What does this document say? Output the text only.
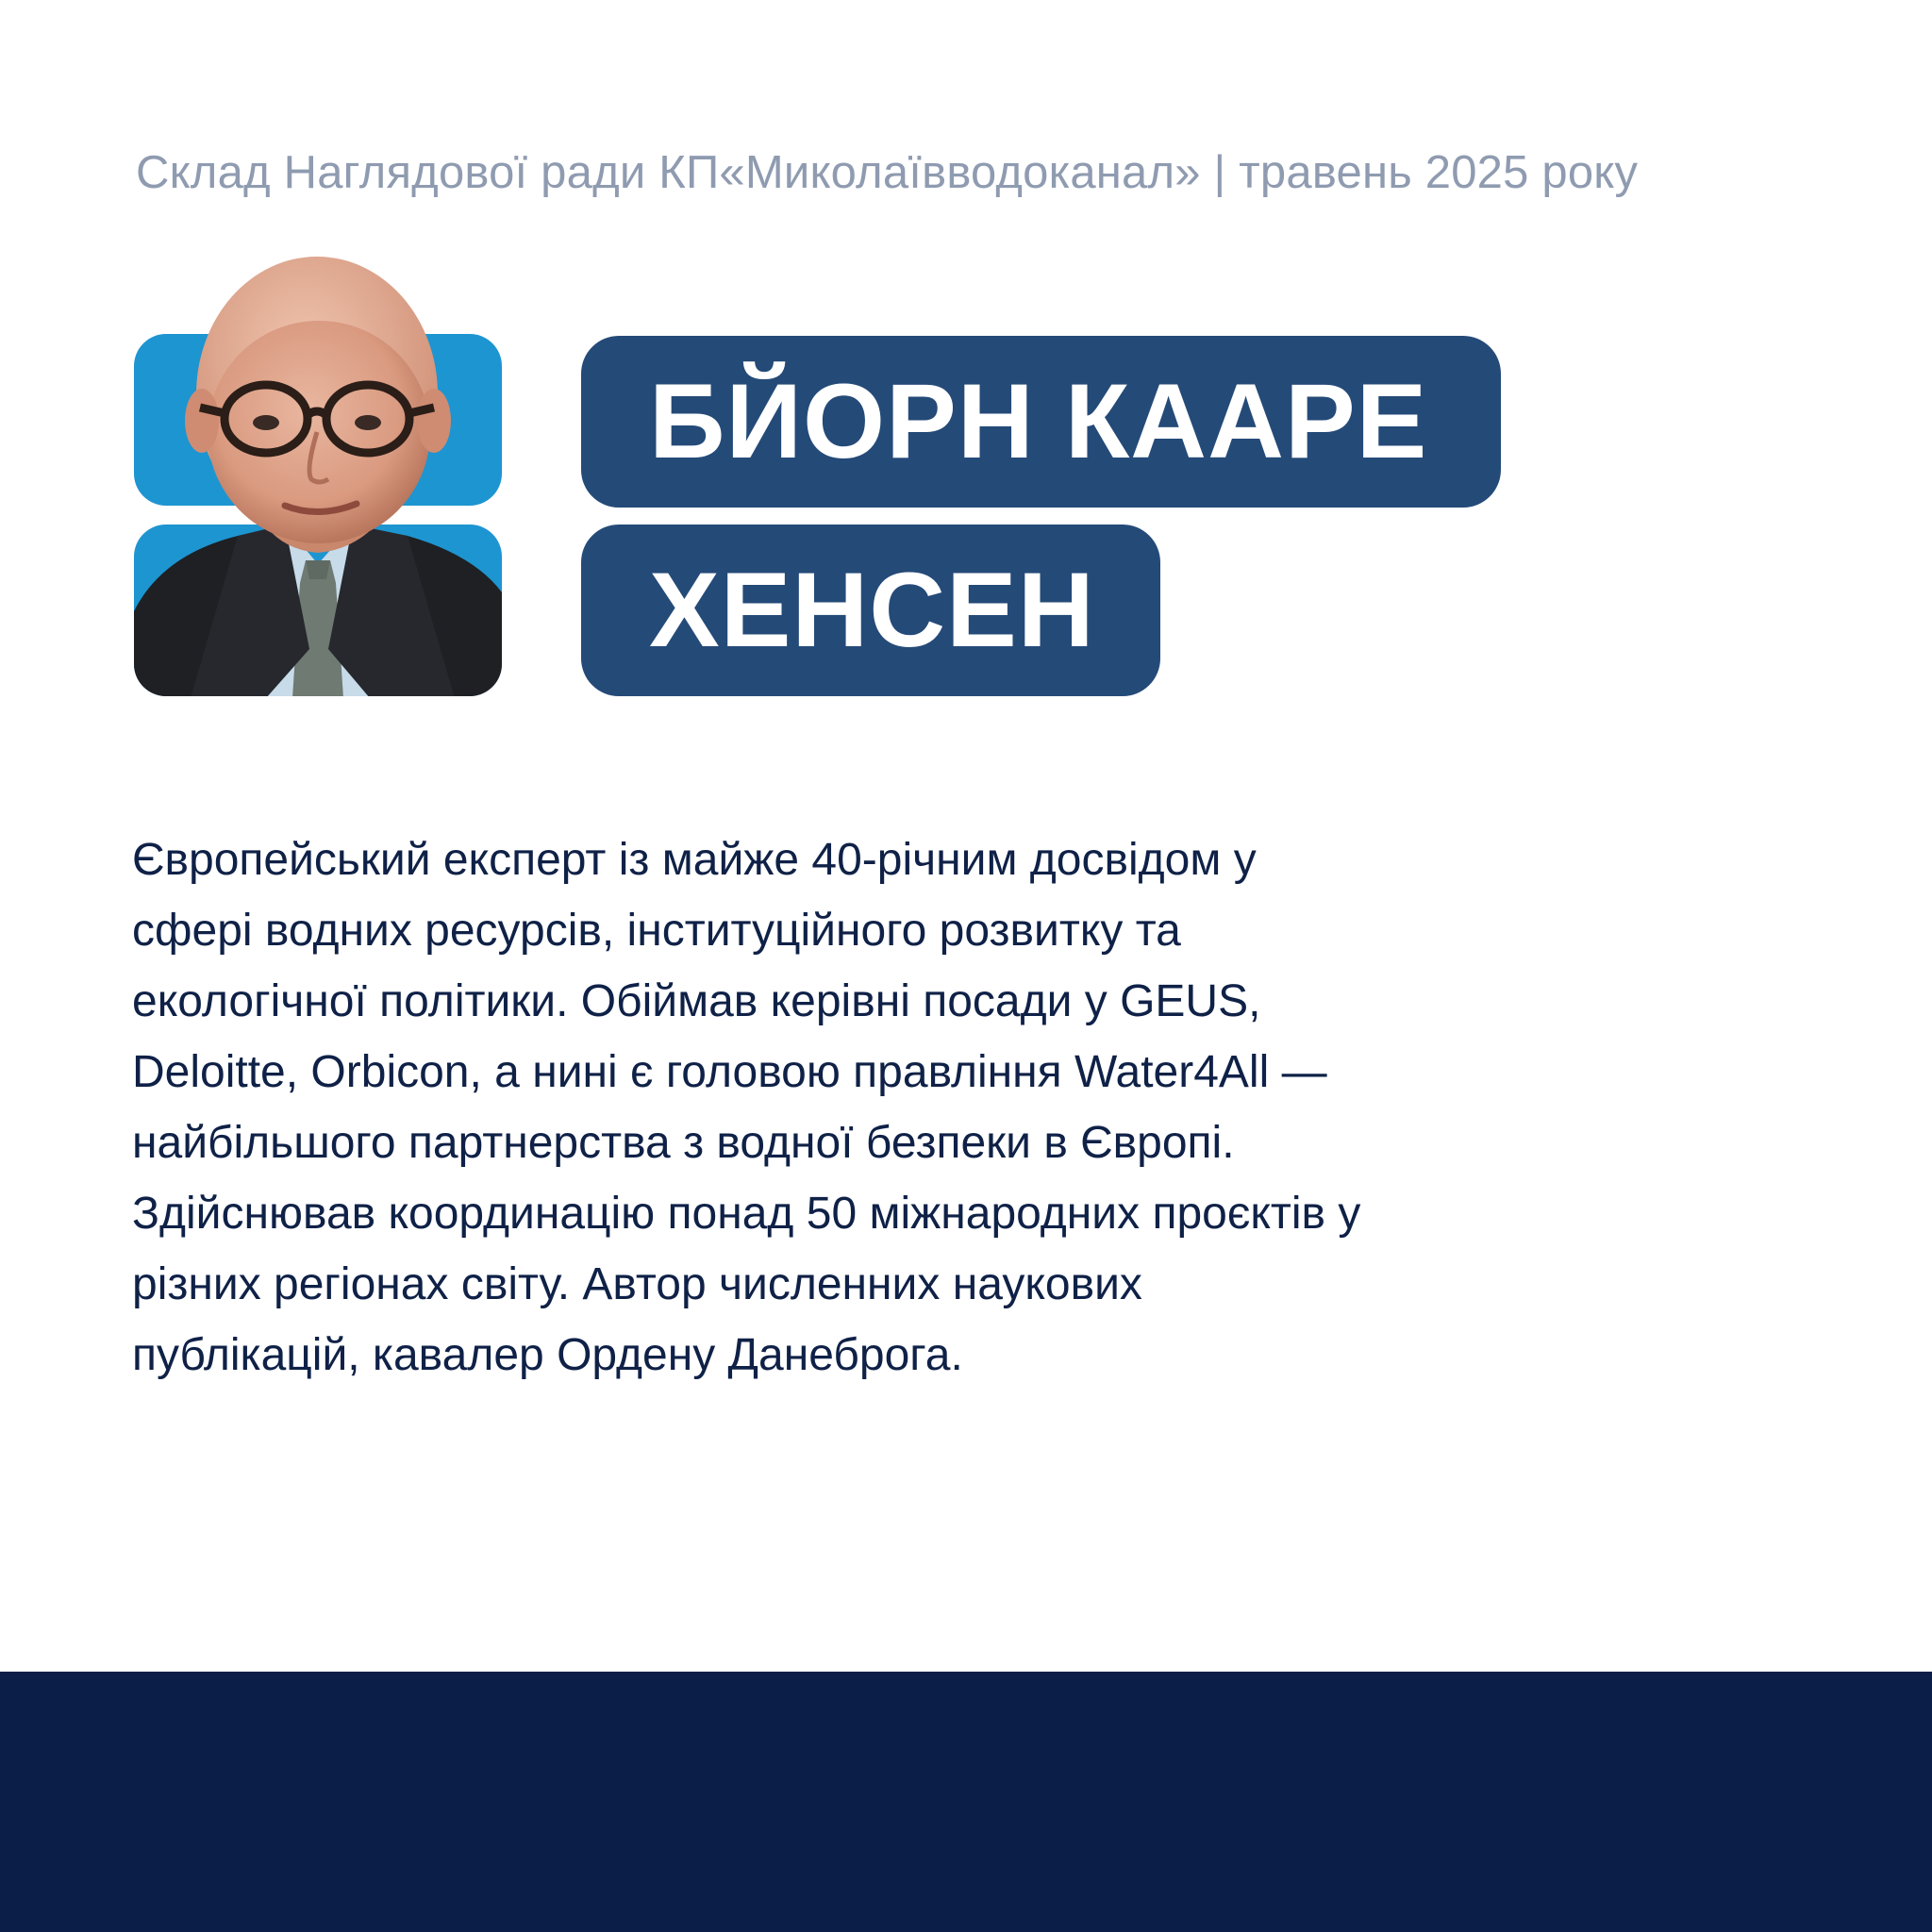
Склад Наглядової ради КП«Миколаївводоканал» | травень 2025 року
БЙОРН КААРЕ
ХЕНСЕН
Європейський експерт із майже 40-річним досвідом у
сфері водних ресурсів, інституційного розвитку та
екологічної політики. Обіймав керівні посади у GEUS,
Deloitte, Orbicon, а нині є головою правління Water4All —
найбільшого партнерства з водної безпеки в Європі.
Здійснював координацію понад 50 міжнародних проєктів у
різних регіонах світу. Автор численних наукових
публікацій, кавалер Ордену Данеброга.
